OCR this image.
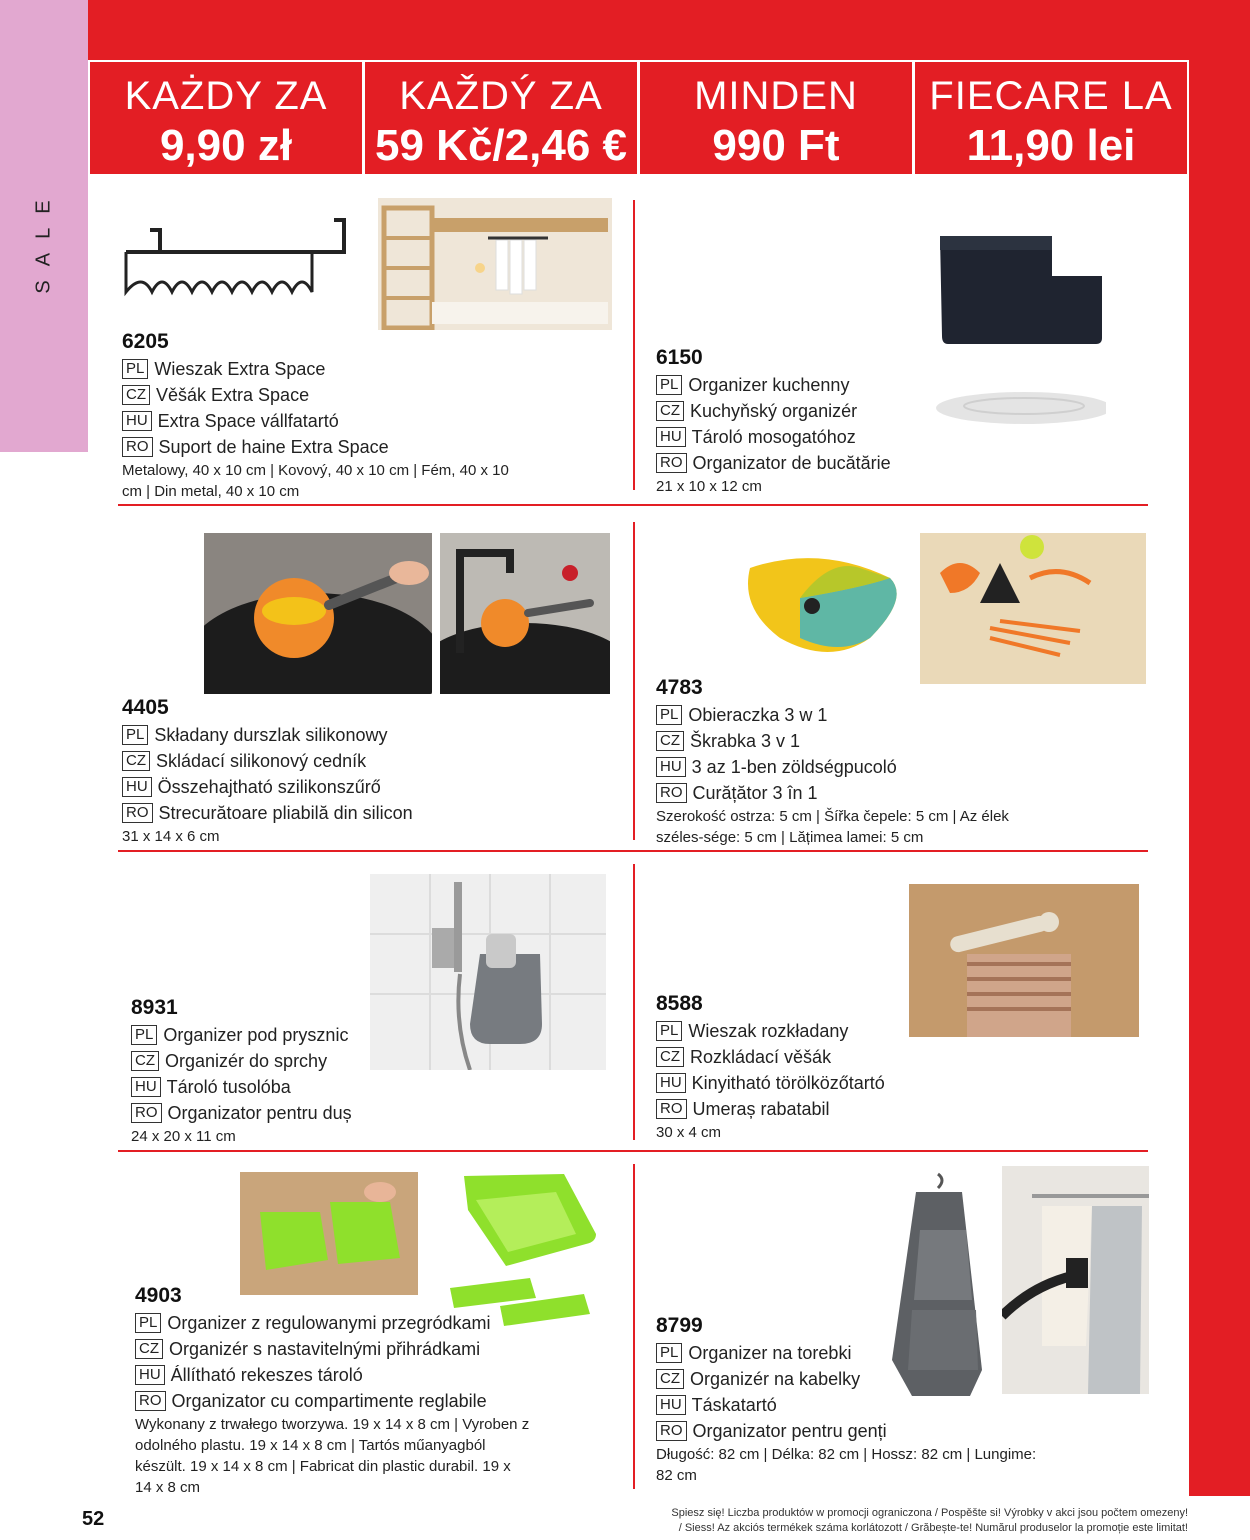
SALE
KAŻDY ZA
9,90 zł
KAŽDÝ ZA
59 Kč/2,46 €
MINDEN
990 Ft
FIECARE LA
11,90 lei
6205
PL Wieszak Extra Space
CZ Věšák Extra Space
HU Extra Space vállfatartó
RO Suport de haine Extra Space
Metalowy, 40 x 10 cm | Kovový, 40 x 10 cm | Fém, 40 x 10 cm | Din metal, 40 x 10 cm
6150
PL Organizer kuchenny
CZ Kuchyňský organizér
HU Tároló mosogatóhoz
RO Organizator de bucătărie
21 x 10 x 12 cm
4405
PL Składany durszlak silikonowy
CZ Skládací silikonový cedník
HU Összehajtható szilikonszűrő
RO Strecurătoare pliabilă din silicon
31 x 14 x 6 cm
4783
PL Obieraczka 3 w 1
CZ Škrabka 3 v 1
HU 3 az 1-ben zöldségpucoló
RO Curățător 3 în 1
Szerokość ostrza: 5 cm | Šířka čepele: 5 cm | Az élek széles-sége: 5 cm | Lățimea lamei: 5 cm
8931
PL Organizer pod prysznic
CZ Organizér do sprchy
HU Tároló tusolóba
RO Organizator pentru duș
24 x 20 x 11 cm
8588
PL Wieszak rozkładany
CZ Rozkládací věšák
HU Kinyitható törölközőtartó
RO Umeraș rabatabil
30 x 4 cm
4903
PL Organizer z regulowanymi przegródkami
CZ Organizér s nastavitelnými přihrádkami
HU Állítható rekeszes tároló
RO Organizator cu compartimente reglabile
Wykonany z trwałego tworzywa. 19 x 14 x 8 cm | Vyroben z odolného plastu. 19 x 14 x 8 cm | Tartós műanyagból készült. 19 x 14 x 8 cm | Fabricat din plastic durabil. 19 x 14 x 8 cm
8799
PL Organizer na torebki
CZ Organizér na kabelky
HU Táskatartó
RO Organizator pentru genți
Długość: 82 cm | Délka: 82 cm | Hossz: 82 cm | Lungime: 82 cm
52	Spiesz się! Liczba produktów w promocji ograniczona / Pospěšte si! Výrobky v akci jsou počtem omezeny! / Siess! Az akciós termékek száma korlátozott / Grăbește-te! Numărul produselor la promoție este limitat!
